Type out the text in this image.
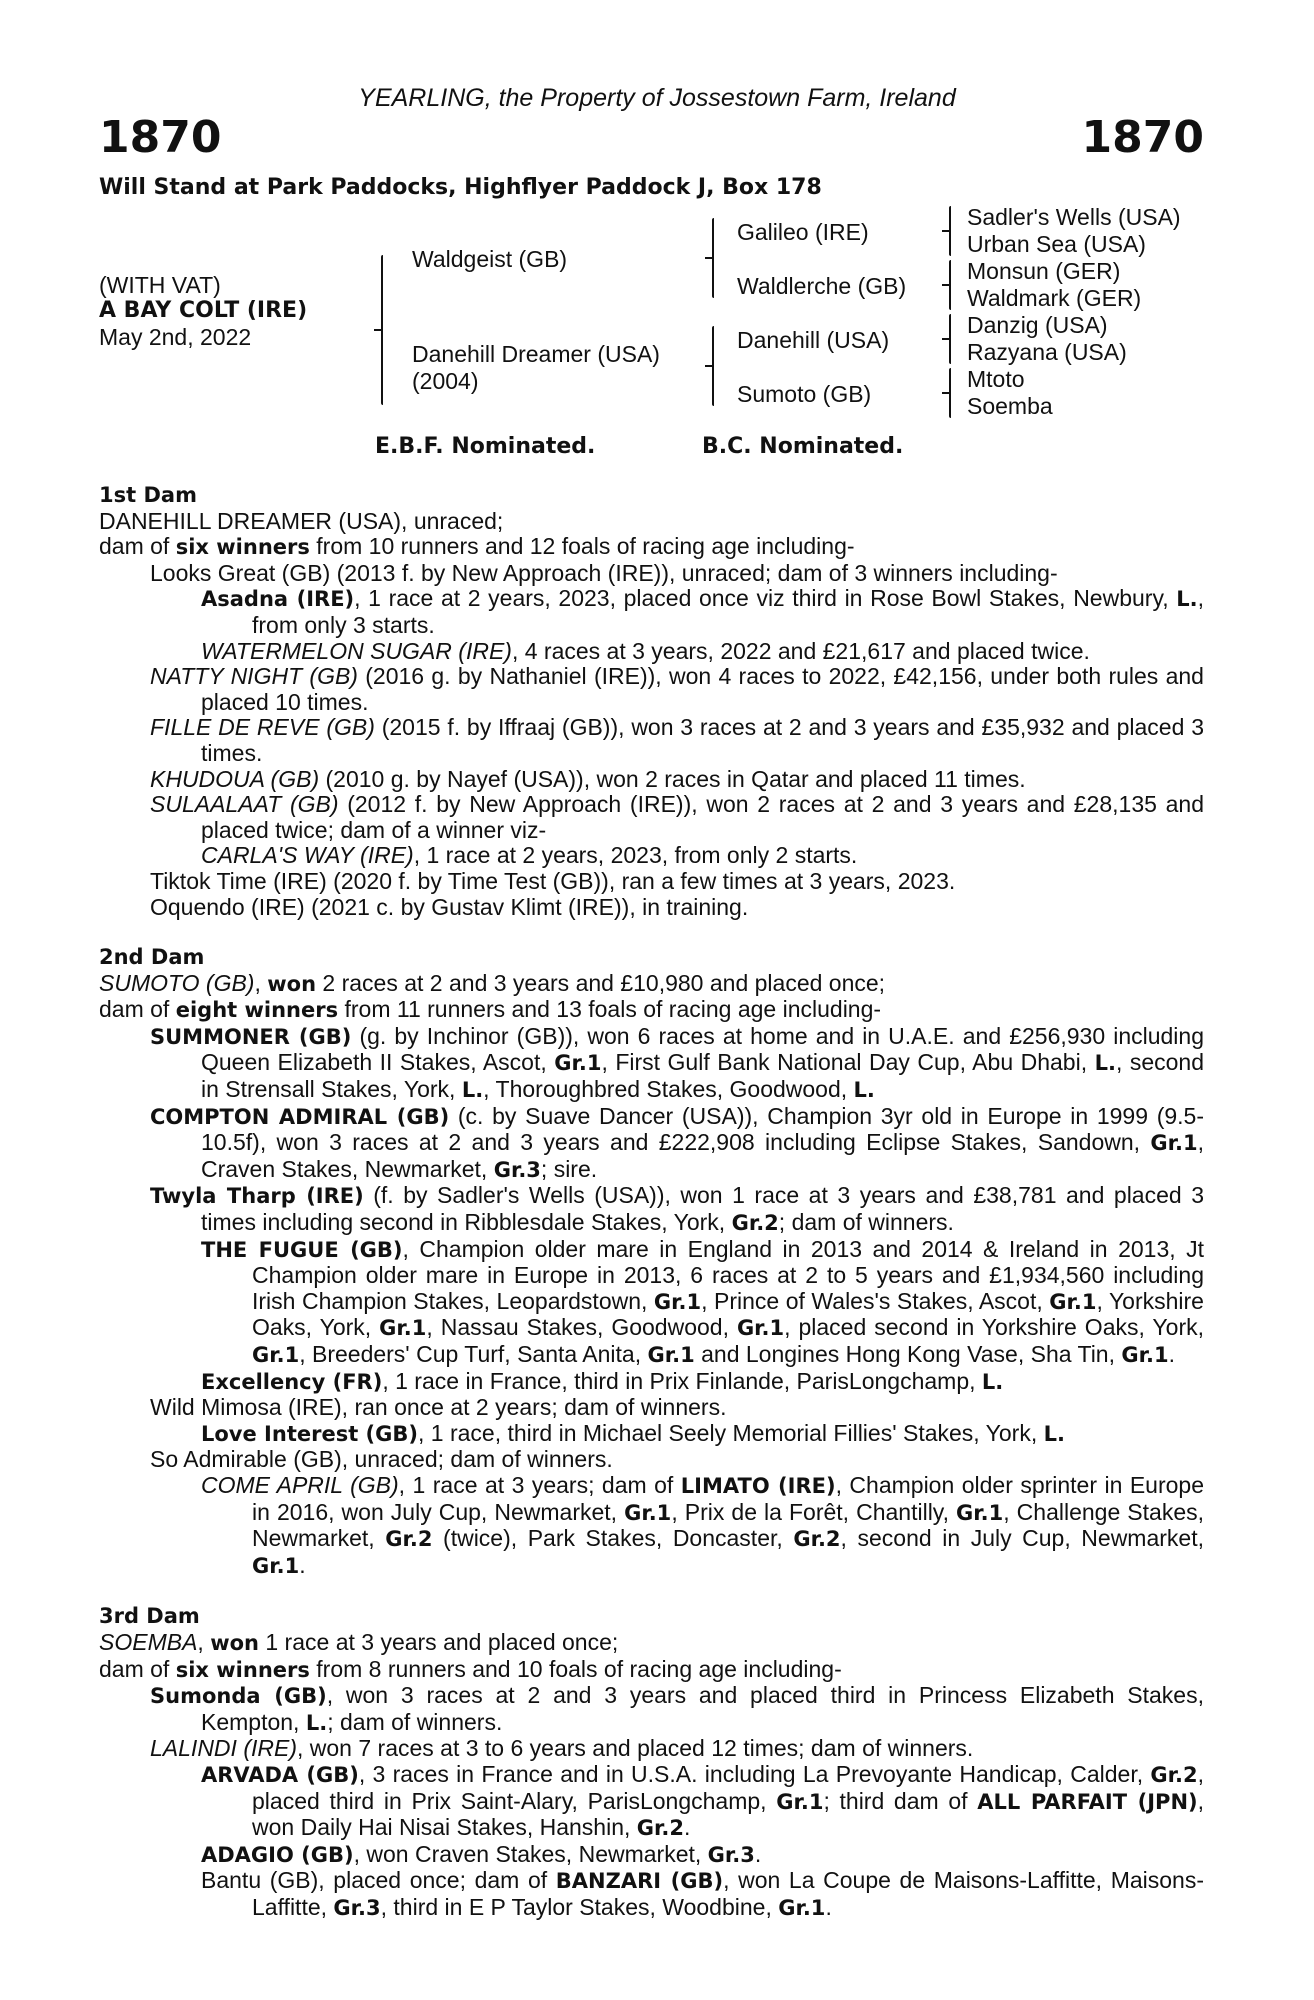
YEARLING, the Property of Jossestown Farm, Ireland
1870	1870
Will Stand at Park Paddocks, Highflyer Paddock J, Box 178
(WITH VAT)
A BAY COLT (IRE)
May 2nd, 2022
Waldgeist (GB)
Danehill Dreamer (USA)
(2004)
Galileo (IRE)
Waldlerche (GB)
Danehill (USA)
Sumoto (GB)
Sadler's Wells (USA)
Urban Sea (USA)
Monsun (GER)
Waldmark (GER)
Danzig (USA)
Razyana (USA)
Mtoto
Soemba
E.B.F. Nominated.	B.C. Nominated.
1st Dam
DANEHILL DREAMER (USA), unraced;
dam of six winners from 10 runners and 12 foals of racing age including-
Looks Great (GB) (2013 f. by New Approach (IRE)), unraced; dam of 3 winners including-
Asadna (IRE), 1 race at 2 years, 2023, placed once viz third in Rose Bowl Stakes, Newbury, L., from only 3 starts.
WATERMELON SUGAR (IRE), 4 races at 3 years, 2022 and £21,617 and placed twice.
NATTY NIGHT (GB) (2016 g. by Nathaniel (IRE)), won 4 races to 2022, £42,156, under both rules and placed 10 times.
FILLE DE REVE (GB) (2015 f. by Iffraaj (GB)), won 3 races at 2 and 3 years and £35,932 and placed 3 times.
KHUDOUA (GB) (2010 g. by Nayef (USA)), won 2 races in Qatar and placed 11 times.
SULAALAAT (GB) (2012 f. by New Approach (IRE)), won 2 races at 2 and 3 years and £28,135 and placed twice; dam of a winner viz-
CARLA'S WAY (IRE), 1 race at 2 years, 2023, from only 2 starts.
Tiktok Time (IRE) (2020 f. by Time Test (GB)), ran a few times at 3 years, 2023.
Oquendo (IRE) (2021 c. by Gustav Klimt (IRE)), in training.
2nd Dam
SUMOTO (GB), won 2 races at 2 and 3 years and £10,980 and placed once;
dam of eight winners from 11 runners and 13 foals of racing age including-
SUMMONER (GB) (g. by Inchinor (GB)), won 6 races at home and in U.A.E. and £256,930 including Queen Elizabeth II Stakes, Ascot, Gr.1, First Gulf Bank National Day Cup, Abu Dhabi, L., second in Strensall Stakes, York, L., Thoroughbred Stakes, Goodwood, L.
COMPTON ADMIRAL (GB) (c. by Suave Dancer (USA)), Champion 3yr old in Europe in 1999 (9.5-10.5f), won 3 races at 2 and 3 years and £222,908 including Eclipse Stakes, Sandown, Gr.1, Craven Stakes, Newmarket, Gr.3; sire.
Twyla Tharp (IRE) (f. by Sadler's Wells (USA)), won 1 race at 3 years and £38,781 and placed 3 times including second in Ribblesdale Stakes, York, Gr.2; dam of winners.
THE FUGUE (GB), Champion older mare in England in 2013 and 2014 & Ireland in 2013, Jt Champion older mare in Europe in 2013, 6 races at 2 to 5 years and £1,934,560 including Irish Champion Stakes, Leopardstown, Gr.1, Prince of Wales's Stakes, Ascot, Gr.1, Yorkshire Oaks, York, Gr.1, Nassau Stakes, Goodwood, Gr.1, placed second in Yorkshire Oaks, York, Gr.1, Breeders' Cup Turf, Santa Anita, Gr.1 and Longines Hong Kong Vase, Sha Tin, Gr.1.
Excellency (FR), 1 race in France, third in Prix Finlande, ParisLongchamp, L.
Wild Mimosa (IRE), ran once at 2 years; dam of winners.
Love Interest (GB), 1 race, third in Michael Seely Memorial Fillies' Stakes, York, L.
So Admirable (GB), unraced; dam of winners.
COME APRIL (GB), 1 race at 3 years; dam of LIMATO (IRE), Champion older sprinter in Europe in 2016, won July Cup, Newmarket, Gr.1, Prix de la Forêt, Chantilly, Gr.1, Challenge Stakes, Newmarket, Gr.2 (twice), Park Stakes, Doncaster, Gr.2, second in July Cup, Newmarket, Gr.1.
3rd Dam
SOEMBA, won 1 race at 3 years and placed once;
dam of six winners from 8 runners and 10 foals of racing age including-
Sumonda (GB), won 3 races at 2 and 3 years and placed third in Princess Elizabeth Stakes, Kempton, L.; dam of winners.
LALINDI (IRE), won 7 races at 3 to 6 years and placed 12 times; dam of winners.
ARVADA (GB), 3 races in France and in U.S.A. including La Prevoyante Handicap, Calder, Gr.2, placed third in Prix Saint-Alary, ParisLongchamp, Gr.1; third dam of ALL PARFAIT (JPN), won Daily Hai Nisai Stakes, Hanshin, Gr.2.
ADAGIO (GB), won Craven Stakes, Newmarket, Gr.3.
Bantu (GB), placed once; dam of BANZARI (GB), won La Coupe de Maisons-Laffitte, Maisons-Laffitte, Gr.3, third in E P Taylor Stakes, Woodbine, Gr.1.
